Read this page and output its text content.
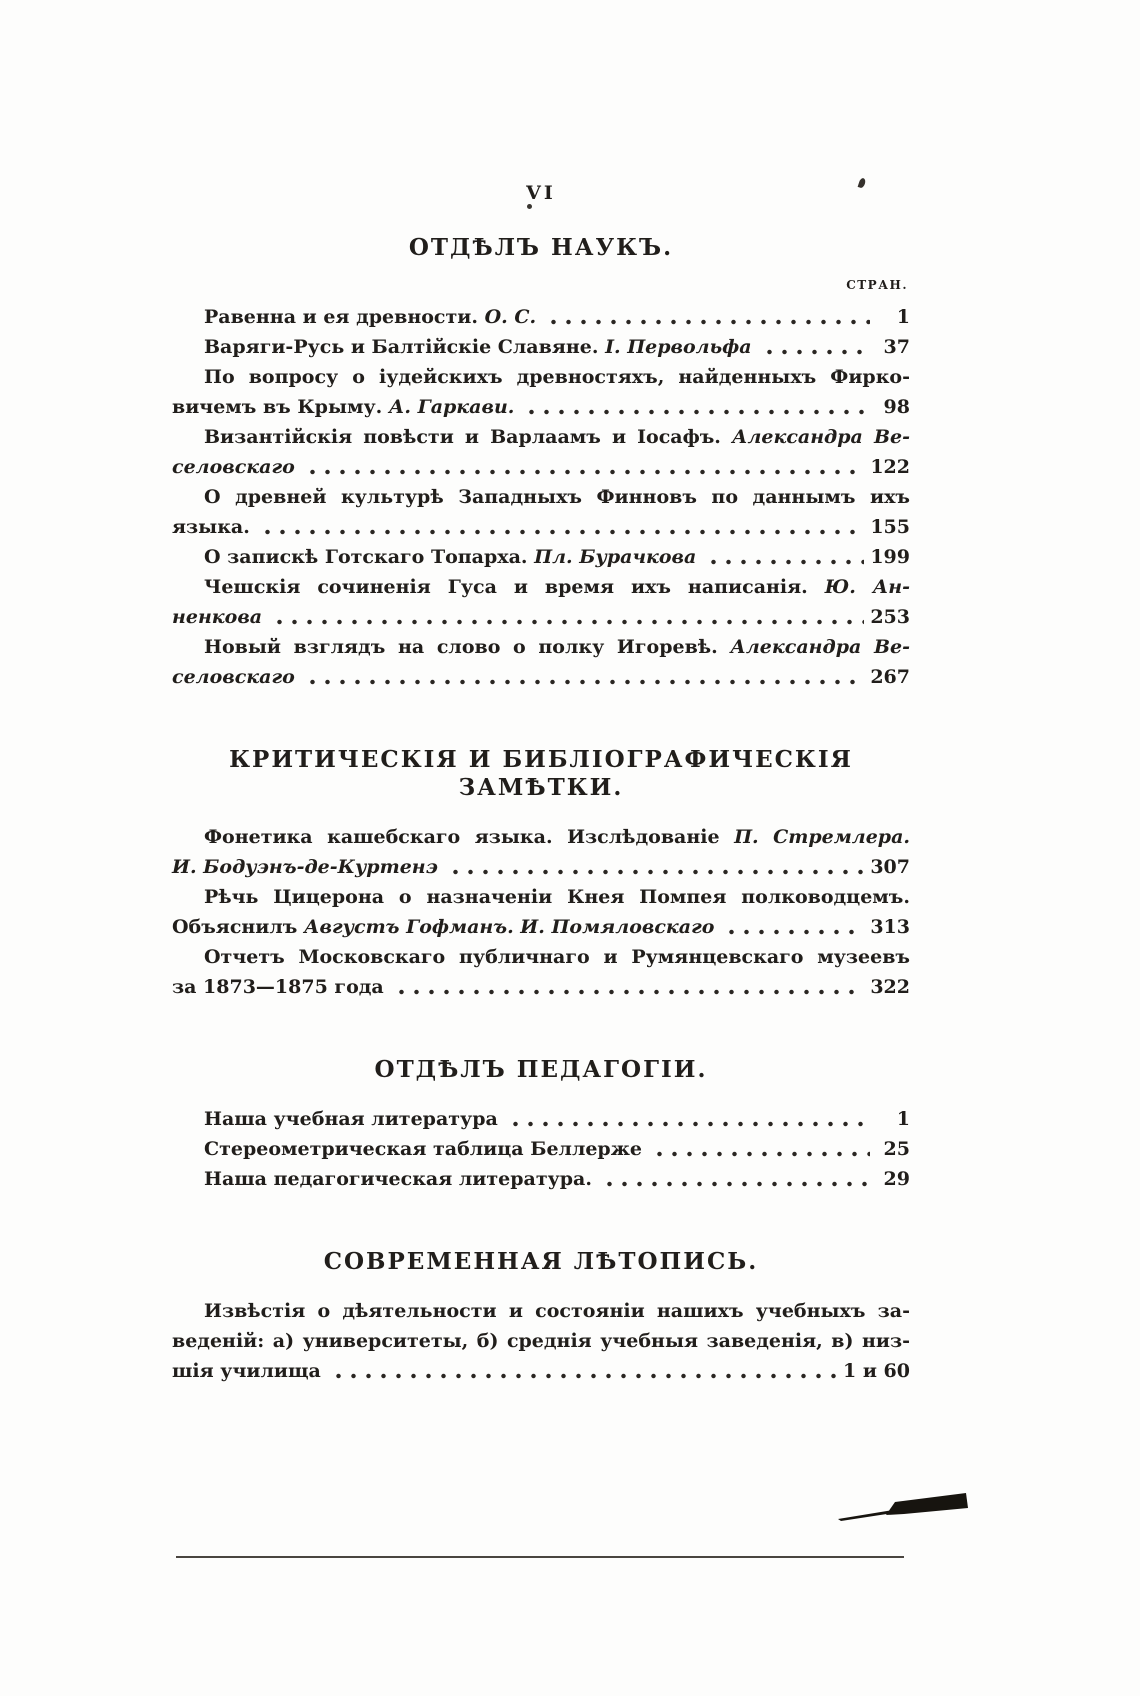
VI
ОТДѢЛЪ НАУКЪ.
СТРАН.
Равенна и ея древности. О. С.	1
Варяги-Русь и Балтійскіе Славяне. I. Первольфа	37
По вопросу о іудейскихъ древностяхъ, найденныхъ Фирко-
вичемъ въ Крыму. А. Гаркави.	98
Византійскія повѣсти и Варлаамъ и Іосафъ. Александра Ве-
селовскаго	122
О древней культурѣ Западныхъ Финновъ по даннымъ ихъ
языка.	155
О запискѣ Готскаго Топарха. Пл. Бурачкова	199
Чешскія сочиненія Гуса и время ихъ написанія. Ю. Ан-
ненкова	253
Новый взглядъ на слово о полку Игоревѣ. Александра Ве-
селовскаго	267
КРИТИЧЕСКІЯ И БИБЛІОГРАФИЧЕСКІЯ ЗАМѢТКИ.
Фонетика кашебскаго языка. Изслѣдованіе П. Стремлера.
И. Бодуэнъ-де-Куртенэ	307
Рѣчь Цицерона о назначеніи Кнея Помпея полководцемъ.
Объяснилъ Августъ Гофманъ. И. Помяловскаго	313
Отчетъ Московскаго публичнаго и Румянцевскаго музеевъ
за 1873—1875 года	322
ОТДѢЛЪ ПЕДАГОГІИ.
Наша учебная литература	1
Стереометрическая таблица Беллерже	25
Наша педагогическая литература.	29
СОВРЕМЕННАЯ ЛѢТОПИСЬ.
Извѣстія о дѣятельности и состояніи нашихъ учебныхъ за-
веденій: а) университеты, б) среднія учебныя заведенія, в) низ-
шія училища	1 и 60
